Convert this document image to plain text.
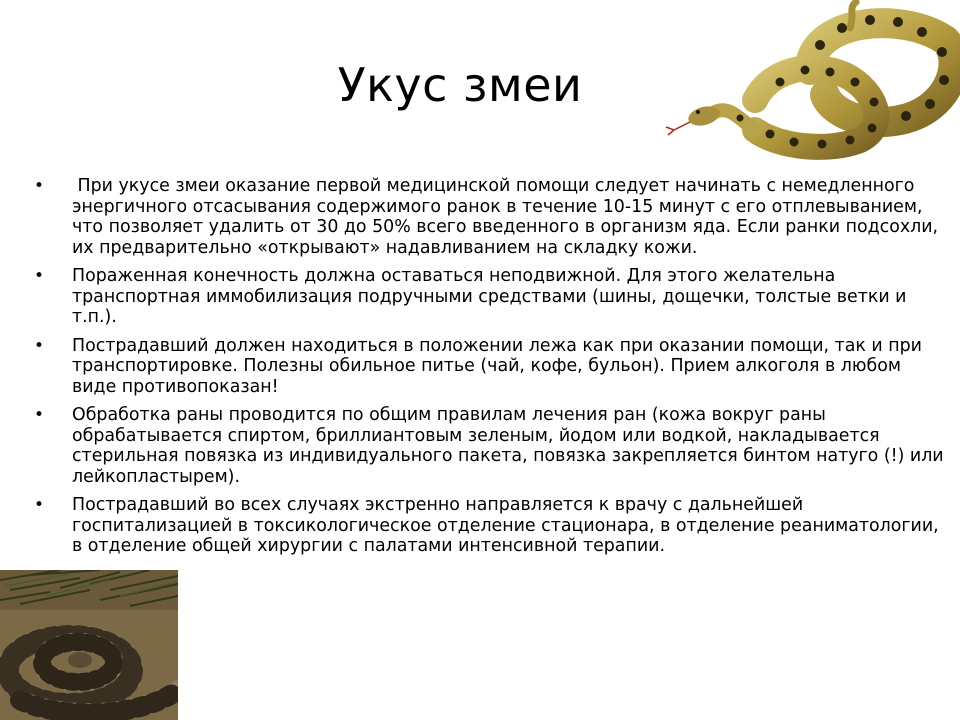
Укус змеи
• При укусе змеи оказание первой медицинской помощи следует начинать с немедленного энергичного отсасывания содержимого ранок в течение 10-15 минут с его отплевыванием, что позволяет удалить от 30 до 50% всего введенного в организм яда. Если ранки подсохли, их предварительно «открывают» надавливанием на складку кожи.
• Пораженная конечность должна оставаться неподвижной. Для этого желательна транспортная иммобилизация подручными средствами (шины, дощечки, толстые ветки и т.п.).
• Пострадавший должен находиться в положении лежа как при оказании помощи, так и при транспортировке. Полезны обильное питье (чай, кофе, бульон). Прием алкоголя в любом виде противопоказан!
• Обработка раны проводится по общим правилам лечения ран (кожа вокруг раны обрабатывается спиртом, бриллиантовым зеленым, йодом или водкой, накладывается стерильная повязка из индивидуального пакета, повязка закрепляется бинтом натуго (!) или лейкопластырем).
• Пострадавший во всех случаях экстренно направляется к врачу с дальнейшей госпитализацией в токсикологическое отделение стационара, в отделение реаниматологии, в отделение общей хирургии с палатами интенсивной терапии.
